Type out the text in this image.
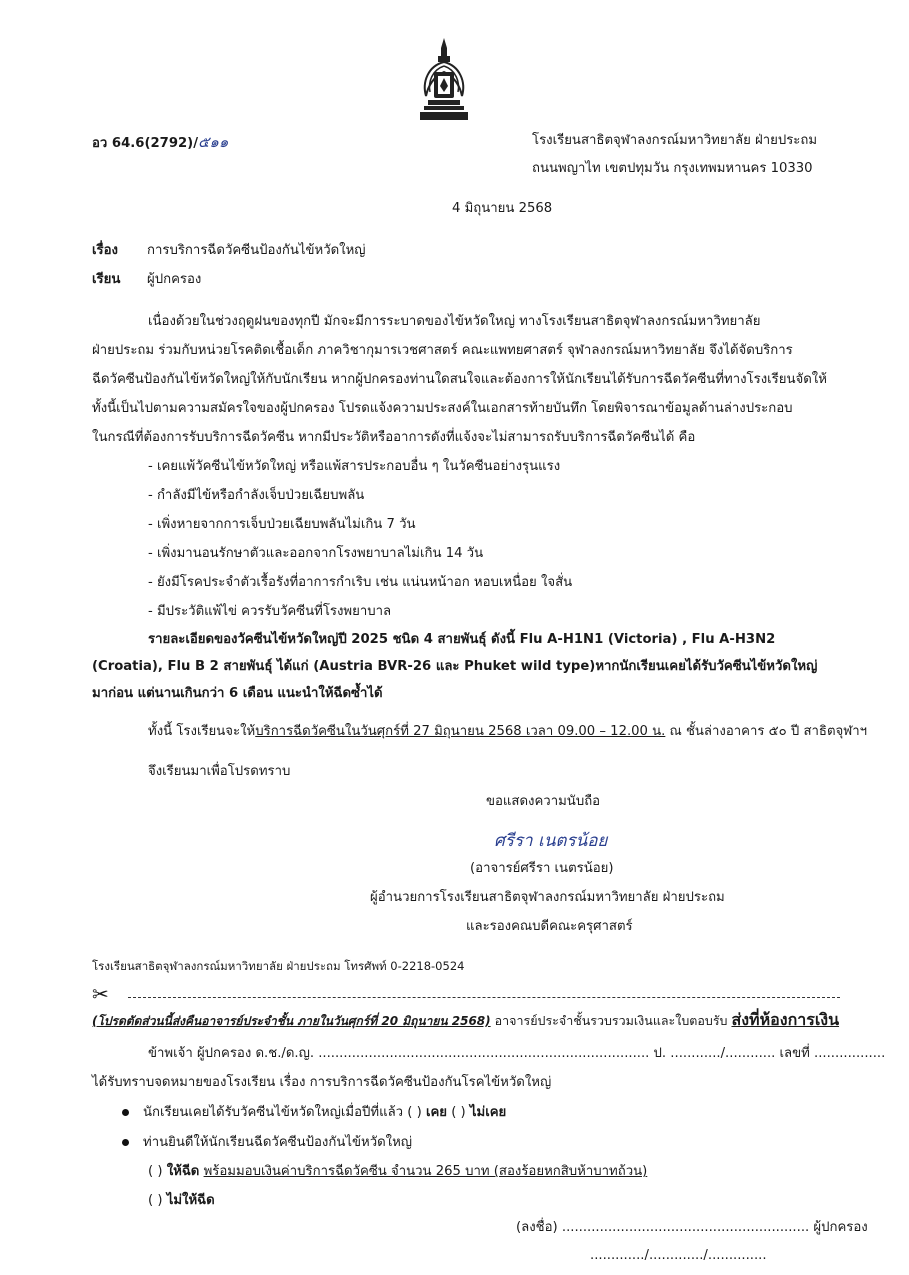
อว 64.6(2792)/๕๑๑	โรงเรียนสาธิตจุฬาลงกรณ์มหาวิทยาลัย ฝ่ายประถม
ถนนพญาไท เขตปทุมวัน กรุงเทพมหานคร 10330
4 มิถุนายน 2568
เรื่อง การบริการฉีดวัคซีนป้องกันไข้หวัดใหญ่
เรียน ผู้ปกครอง
เนื่องด้วยในช่วงฤดูฝนของทุกปี มักจะมีการระบาดของไข้หวัดใหญ่ ทางโรงเรียนสาธิตจุฬาลงกรณ์มหาวิทยาลัย
ฝ่ายประถม ร่วมกับหน่วยโรคติดเชื้อเด็ก ภาควิชากุมารเวชศาสตร์ คณะแพทยศาสตร์ จุฬาลงกรณ์มหาวิทยาลัย จึงได้จัดบริการ
ฉีดวัคซีนป้องกันไข้หวัดใหญ่ให้กับนักเรียน หากผู้ปกครองท่านใดสนใจและต้องการให้นักเรียนได้รับการฉีดวัคซีนที่ทางโรงเรียนจัดให้
ทั้งนี้เป็นไปตามความสมัครใจของผู้ปกครอง โปรดแจ้งความประสงค์ในเอกสารท้ายบันทึก โดยพิจารณาข้อมูลด้านล่างประกอบ
ในกรณีที่ต้องการรับบริการฉีดวัคซีน หากมีประวัติหรืออาการดังที่แจ้งจะไม่สามารถรับบริการฉีดวัคซีนได้ คือ
- เคยแพ้วัคซีนไข้หวัดใหญ่ หรือแพ้สารประกอบอื่น ๆ ในวัคซีนอย่างรุนแรง
- กำลังมีไข้หรือกำลังเจ็บป่วยเฉียบพลัน
- เพิ่งหายจากการเจ็บป่วยเฉียบพลันไม่เกิน 7 วัน
- เพิ่งมานอนรักษาตัวและออกจากโรงพยาบาลไม่เกิน 14 วัน
- ยังมีโรคประจำตัวเรื้อรังที่อาการกำเริบ เช่น แน่นหน้าอก หอบเหนื่อย ใจสั่น
- มีประวัติแพ้ไข่ ควรรับวัคซีนที่โรงพยาบาล
รายละเอียดของวัคซีนไข้หวัดใหญ่ปี 2025 ชนิด 4 สายพันธุ์ ดังนี้ Flu A-H1N1 (Victoria) , Flu A-H3N2
(Croatia), Flu B 2 สายพันธุ์ ได้แก่ (Austria BVR-26 และ Phuket wild type)หากนักเรียนเคยได้รับวัคซีนไข้หวัดใหญ่
มาก่อน แต่นานเกินกว่า 6 เดือน แนะนำให้ฉีดซ้ำได้
ทั้งนี้ โรงเรียนจะให้บริการฉีดวัคซีนในวันศุกร์ที่ 27 มิถุนายน 2568 เวลา 09.00 – 12.00 น. ณ ชั้นล่างอาคาร ๕๐ ปี สาธิตจุฬาฯ
จึงเรียนมาเพื่อโปรดทราบ
ขอแสดงความนับถือ
ศรีรา เนตรน้อย
(อาจารย์ศรีรา เนตรน้อย)
ผู้อำนวยการโรงเรียนสาธิตจุฬาลงกรณ์มหาวิทยาลัย ฝ่ายประถม
และรองคณบดีคณะครุศาสตร์
โรงเรียนสาธิตจุฬาลงกรณ์มหาวิทยาลัย ฝ่ายประถม โทรศัพท์ 0-2218-0524
✂
(โปรดตัดส่วนนี้ส่งคืนอาจารย์ประจำชั้น ภายในวันศุกร์ที่ 20 มิถุนายน 2568) อาจารย์ประจำชั้นรวบรวมเงินและใบตอบรับ ส่งที่ห้องการเงิน
ข้าพเจ้า ผู้ปกครอง ด.ช./ด.ญ. ............................................................................... ป. ............/............ เลขที่ .................
ได้รับทราบจดหมายของโรงเรียน เรื่อง การบริการฉีดวัคซีนป้องกันโรคไข้หวัดใหญ่
นักเรียนเคยได้รับวัคซีนไข้หวัดใหญ่เมื่อปีที่แล้ว ( ) เคย ( ) ไม่เคย
ท่านยินดีให้นักเรียนฉีดวัคซีนป้องกันไข้หวัดใหญ่
( ) ให้ฉีด พร้อมมอบเงินค่าบริการฉีดวัคซีน จำนวน 265 บาท (สองร้อยหกสิบห้าบาทถ้วน)
( ) ไม่ให้ฉีด
(ลงชื่อ) ........................................................... ผู้ปกครอง
............./............./..............
